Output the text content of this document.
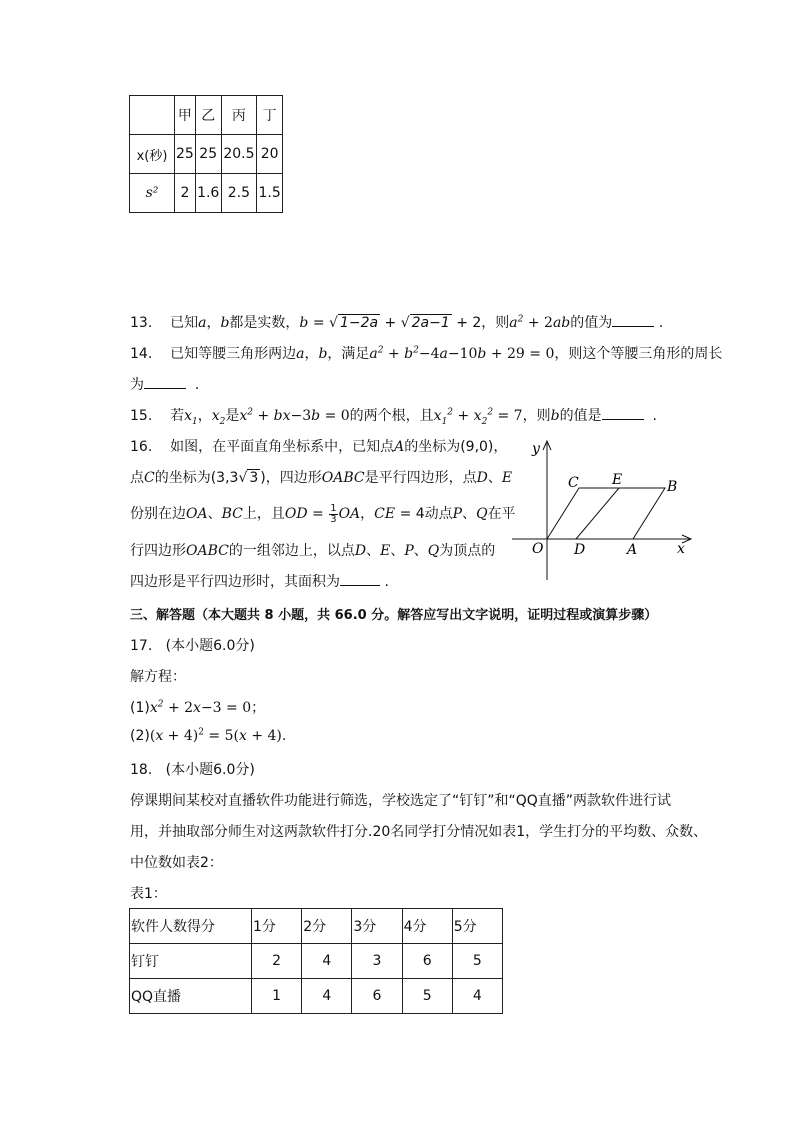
	甲	乙	丙	丁
x(秒)	25	25	20.5	20
s²	2	1.6	2.5	1.5
13. 已知a，b都是实数，b = √ 1−2a + √ 2a−1 + 2，则$a^2 + 2ab$的值为	.
14. 已知等腰三角形两边a，b，满足$a^2 + b^2-4a-10b + 29 = 0$，则这个等腰三角形的周长
为	.
15. 若$x_1$，$x_2$是$x^2 + bx-3b = 0$的两个根，且$x_1^2 + x_2^2 = 7$，则b的值是	.
16. 如图，在平面直角坐标系中，已知点A的坐标为(9,0)，
点C的坐标为(3,3√ 3 )，四边形OABC是平行四边形，点D、E
份别在边OA、BC上，且OD = $\frac{1}{3}$ OA，CE = 4动点P、Q在平
行四边形OABC的一组邻边上，以点D、E、P、Q为顶点的
四边形是平行四边形时，其面积为	.
y
x
O
C E	B
D	A
三、解答题（本大题共 8 小题，共 66.0 分。解答应写出文字说明，证明过程或演算步骤）
17. (本小题6.0分)
解方程：
$(1)x^2 + 2x-3 = 0$；
$(2)(x + 4)^2 = 5(x + 4)$.
18. (本小题6.0分)
停课期间某校对直播软件功能进行筛选，学校选定了“钉钉”和“QQ直播”两款软件进行试
用，并抽取部分师生对这两款软件打分.20名同学打分情况如表1，学生打分的平均数、众数、
中位数如表2：
表1：
软件人数得分	1分	2分	3分	4分	5分
钉钉	2	4	3	6	5
QQ直播	1	4	6	5	4
